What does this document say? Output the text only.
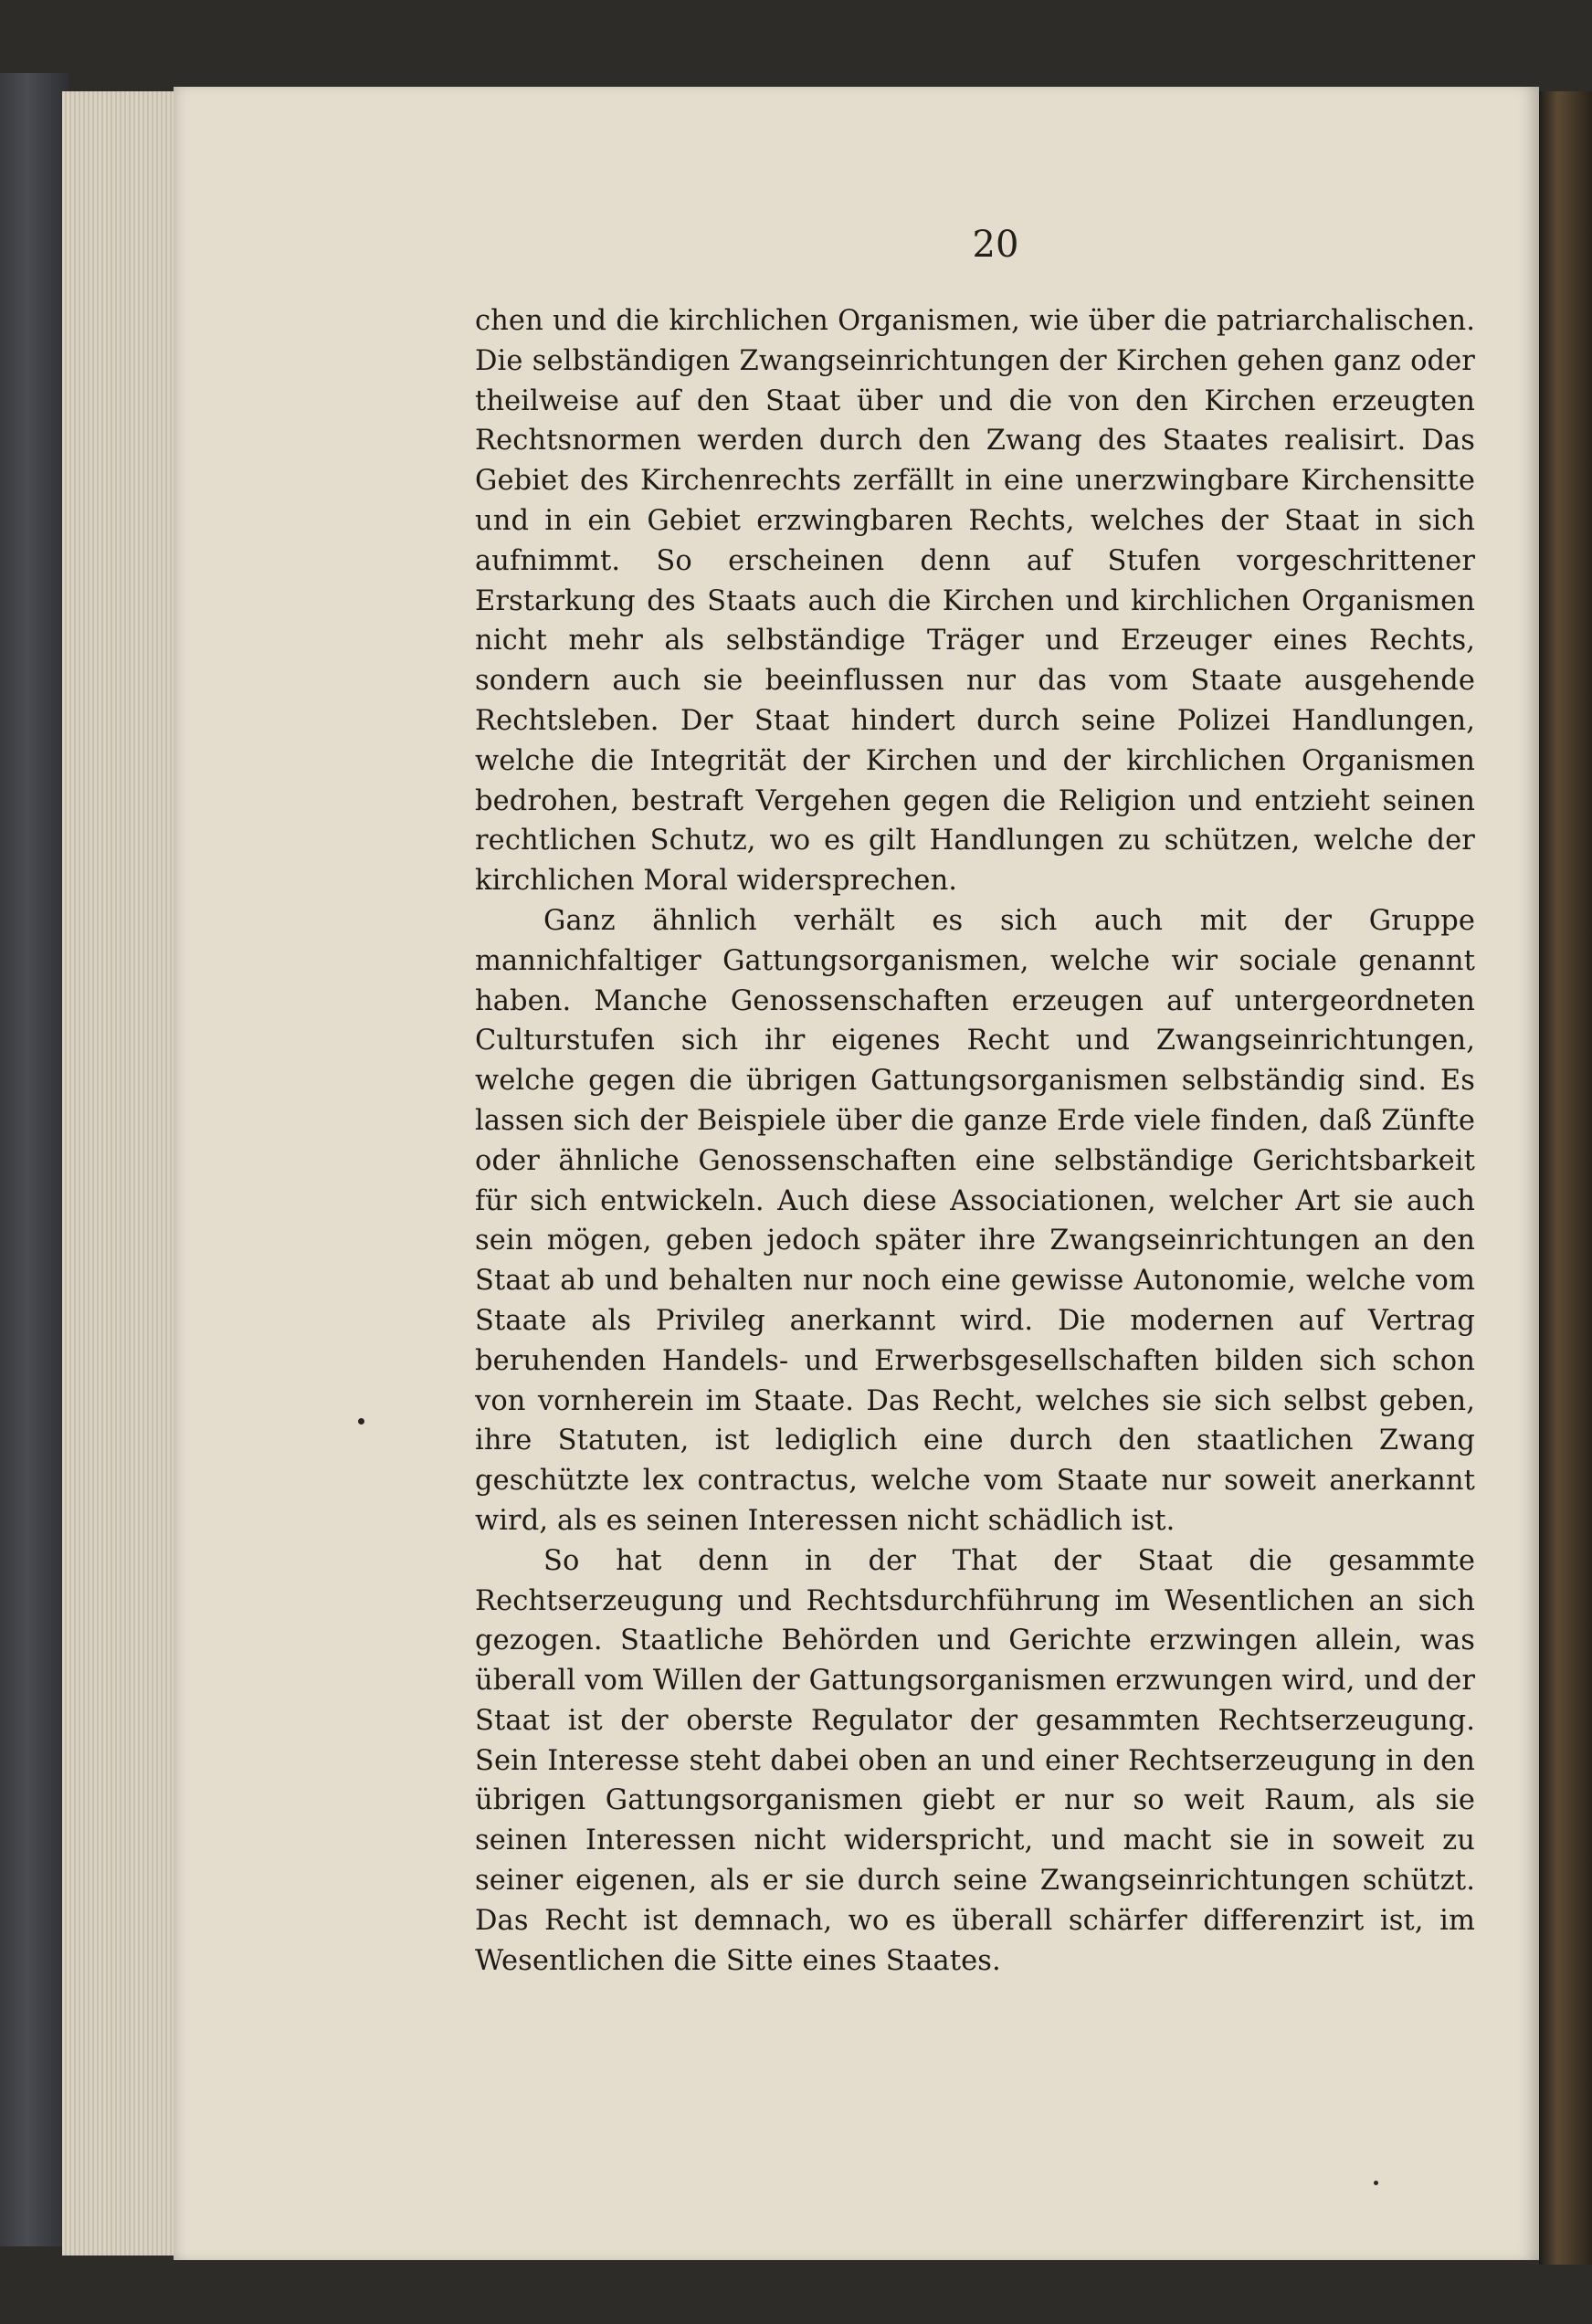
20

chen und die kirchlichen Organismen, wie über die patriarchalischen. Die selbständigen Zwangseinrichtungen der Kirchen gehen ganz oder theilweise auf den Staat über und die von den Kirchen erzeugten Rechtsnormen werden durch den Zwang des Staates realisirt. Das Gebiet des Kirchenrechts zerfällt in eine unerzwingbare Kirchensitte und in ein Gebiet erzwingbaren Rechts, welches der Staat in sich aufnimmt. So erscheinen denn auf Stufen vorgeschrittener Erstarkung des Staats auch die Kirchen und kirchlichen Organismen nicht mehr als selbständige Träger und Erzeuger eines Rechts, sondern auch sie beeinflussen nur das vom Staate ausgehende Rechtsleben. Der Staat hindert durch seine Polizei Handlungen, welche die Integrität der Kirchen und der kirchlichen Organismen bedrohen, bestraft Vergehen gegen die Religion und entzieht seinen rechtlichen Schutz, wo es gilt Handlungen zu schützen, welche der kirchlichen Moral widersprechen.

Ganz ähnlich verhält es sich auch mit der Gruppe mannichfaltiger Gattungsorganismen, welche wir sociale genannt haben. Manche Genossenschaften erzeugen auf untergeordneten Culturstufen sich ihr eigenes Recht und Zwangseinrichtungen, welche gegen die übrigen Gattungsorganismen selbständig sind. Es lassen sich der Beispiele über die ganze Erde viele finden, daß Zünfte oder ähnliche Genossenschaften eine selbständige Gerichtsbarkeit für sich entwickeln. Auch diese Associationen, welcher Art sie auch sein mögen, geben jedoch später ihre Zwangseinrichtungen an den Staat ab und behalten nur noch eine gewisse Autonomie, welche vom Staate als Privileg anerkannt wird. Die modernen auf Vertrag beruhenden Handels- und Erwerbsgesellschaften bilden sich schon von vornherein im Staate. Das Recht, welches sie sich selbst geben, ihre Statuten, ist lediglich eine durch den staatlichen Zwang geschützte lex contractus, welche vom Staate nur soweit anerkannt wird, als es seinen Interessen nicht schädlich ist.

So hat denn in der That der Staat die gesammte Rechtserzeugung und Rechtsdurchführung im Wesentlichen an sich gezogen. Staatliche Behörden und Gerichte erzwingen allein, was überall vom Willen der Gattungsorganismen erzwungen wird, und der Staat ist der oberste Regulator der gesammten Rechtserzeugung. Sein Interesse steht dabei oben an und einer Rechtserzeugung in den übrigen Gattungsorganismen giebt er nur so weit Raum, als sie seinen Interessen nicht widerspricht, und macht sie in soweit zu seiner eigenen, als er sie durch seine Zwangseinrichtungen schützt. Das Recht ist demnach, wo es überall schärfer differenzirt ist, im Wesentlichen die Sitte eines Staates.
